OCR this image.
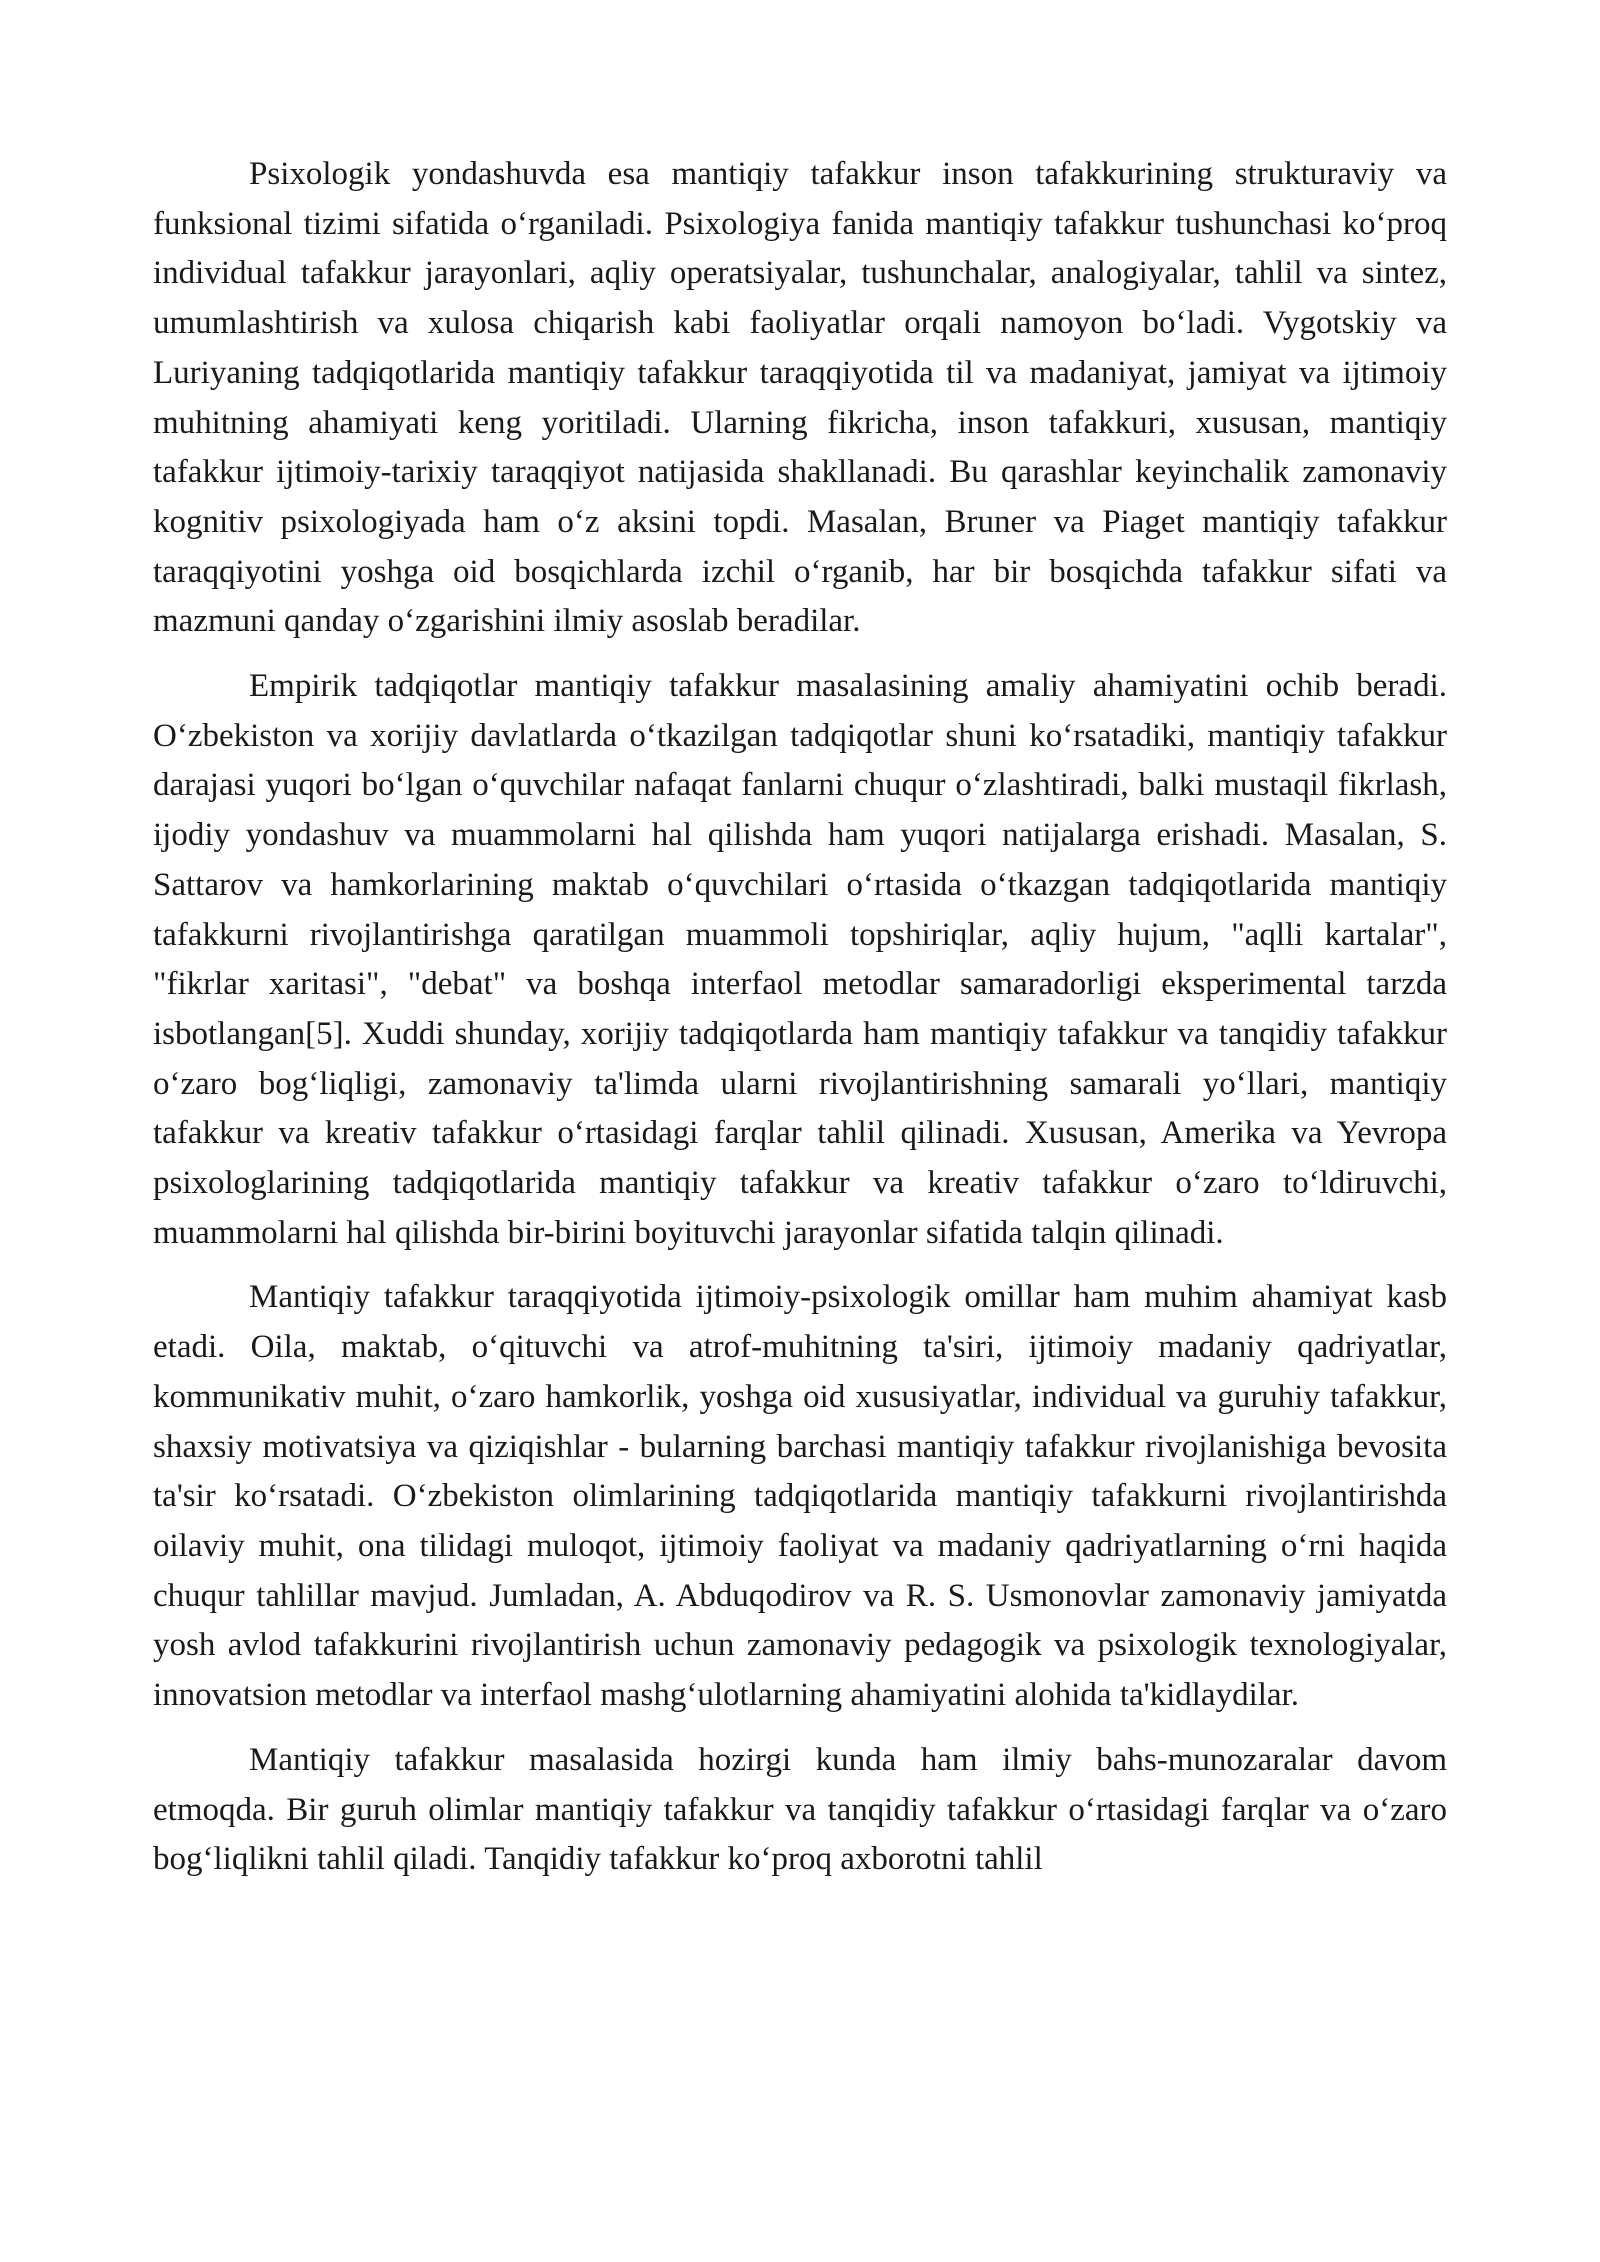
Psixologik yondashuvda esa mantiqiy tafakkur inson tafakkurining strukturaviy va funksional tizimi sifatida o‘rganiladi. Psixologiya fanida mantiqiy tafakkur tushunchasi ko‘proq individual tafakkur jarayonlari, aqliy operatsiyalar, tushunchalar, analogiyalar, tahlil va sintez, umumlashtirish va xulosa chiqarish kabi faoliyatlar orqali namoyon bo‘ladi. Vygotskiy va Luriyaning tadqiqotlarida mantiqiy tafakkur taraqqiyotida til va madaniyat, jamiyat va ijtimoiy muhitning ahamiyati keng yoritiladi. Ularning fikricha, inson tafakkuri, xususan, mantiqiy tafakkur ijtimoiy-tarixiy taraqqiyot natijasida shakllanadi. Bu qarashlar keyinchalik zamonaviy kognitiv psixologiyada ham o‘z aksini topdi. Masalan, Bruner va Piaget mantiqiy tafakkur taraqqiyotini yoshga oid bosqichlarda izchil o‘rganib, har bir bosqichda tafakkur sifati va mazmuni qanday o‘zgarishini ilmiy asoslab beradilar.

Empirik tadqiqotlar mantiqiy tafakkur masalasining amaliy ahamiyatini ochib beradi. O‘zbekiston va xorijiy davlatlarda o‘tkazilgan tadqiqotlar shuni ko‘rsatadiki, mantiqiy tafakkur darajasi yuqori bo‘lgan o‘quvchilar nafaqat fanlarni chuqur o‘zlashtiradi, balki mustaqil fikrlash, ijodiy yondashuv va muammolarni hal qilishda ham yuqori natijalarga erishadi. Masalan, S. Sattarov va hamkorlarining maktab o‘quvchilari o‘rtasida o‘tkazgan tadqiqotlarida mantiqiy tafakkurni rivojlantirishga qaratilgan muammoli topshiriqlar, aqliy hujum, "aqlli kartalar", "fikrlar xaritasi", "debat" va boshqa interfaol metodlar samaradorligi eksperimental tarzda isbotlangan[5]. Xuddi shunday, xorijiy tadqiqotlarda ham mantiqiy tafakkur va tanqidiy tafakkur o‘zaro bog‘liqligi, zamonaviy ta'limda ularni rivojlantirishning samarali yo‘llari, mantiqiy tafakkur va kreativ tafakkur o‘rtasidagi farqlar tahlil qilinadi. Xususan, Amerika va Yevropa psixologlarining tadqiqotlarida mantiqiy tafakkur va kreativ tafakkur o‘zaro to‘ldiruvchi, muammolarni hal qilishda bir-birini boyituvchi jarayonlar sifatida talqin qilinadi.

Mantiqiy tafakkur taraqqiyotida ijtimoiy-psixologik omillar ham muhim ahamiyat kasb etadi. Oila, maktab, o‘qituvchi va atrof-muhitning ta'siri, ijtimoiy madaniy qadriyatlar, kommunikativ muhit, o‘zaro hamkorlik, yoshga oid xususiyatlar, individual va guruhiy tafakkur, shaxsiy motivatsiya va qiziqishlar - bularning barchasi mantiqiy tafakkur rivojlanishiga bevosita ta'sir ko‘rsatadi. O‘zbekiston olimlarining tadqiqotlarida mantiqiy tafakkurni rivojlantirishda oilaviy muhit, ona tilidagi muloqot, ijtimoiy faoliyat va madaniy qadriyatlarning o‘rni haqida chuqur tahlillar mavjud. Jumladan, A. Abduqodirov va R. S. Usmonovlar zamonaviy jamiyatda yosh avlod tafakkurini rivojlantirish uchun zamonaviy pedagogik va psixologik texnologiyalar, innovatsion metodlar va interfaol mashg‘ulotlarning ahamiyatini alohida ta'kidlaydilar.

Mantiqiy tafakkur masalasida hozirgi kunda ham ilmiy bahs-munozaralar davom etmoqda. Bir guruh olimlar mantiqiy tafakkur va tanqidiy tafakkur o‘rtasidagi farqlar va o‘zaro bog‘liqlikni tahlil qiladi. Tanqidiy tafakkur ko‘proq axborotni tahlil
